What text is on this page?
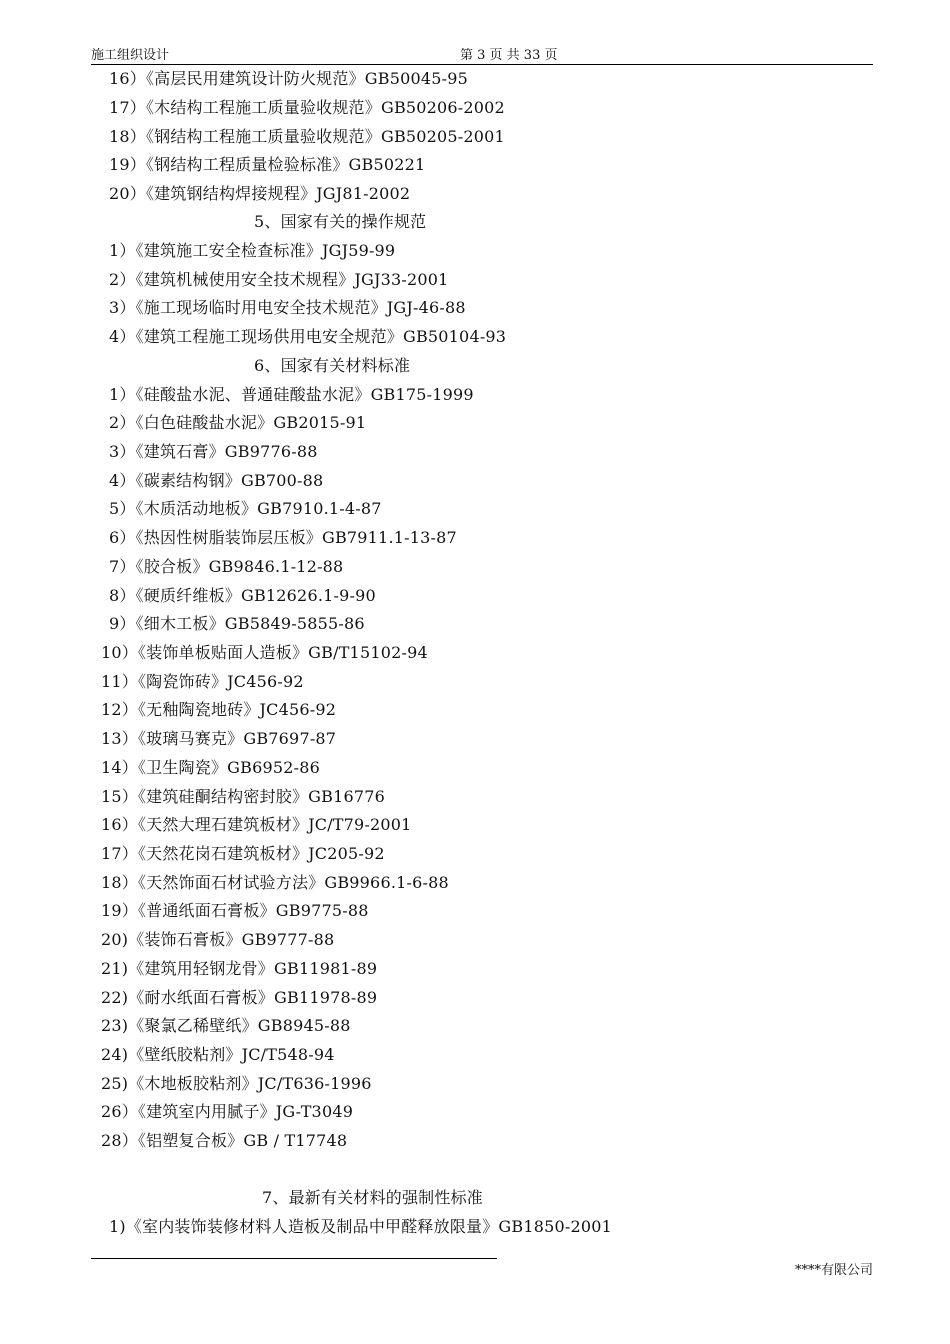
施工组织设计	第 3 页 共 33 页
16）《高层民用建筑设计防火规范》GB50045-95
17）《木结构工程施工质量验收规范》GB50206-2002
18）《钢结构工程施工质量验收规范》GB50205-2001
19）《钢结构工程质量检验标准》GB50221
20）《建筑钢结构焊接规程》JGJ81-2002
5、国家有关的操作规范
1）《建筑施工安全检查标准》JGJ59-99
2）《建筑机械使用安全技术规程》JGJ33-2001
3）《施工现场临时用电安全技术规范》JGJ-46-88
4）《建筑工程施工现场供用电安全规范》GB50104-93
6、国家有关材料标准
1）《硅酸盐水泥、普通硅酸盐水泥》GB175-1999
2）《白色硅酸盐水泥》GB2015-91
3）《建筑石膏》GB9776-88
4）《碳素结构钢》GB700-88
5）《木质活动地板》GB7910.1-4-87
6）《热因性树脂装饰层压板》GB7911.1-13-87
7）《胶合板》GB9846.1-12-88
8）《硬质纤维板》GB12626.1-9-90
9）《细木工板》GB5849-5855-86
10）《装饰单板贴面人造板》GB/T15102-94
11）《陶瓷饰砖》JC456-92
12）《无釉陶瓷地砖》JC456-92
13）《玻璃马赛克》GB7697-87
14）《卫生陶瓷》GB6952-86
15）《建筑硅酮结构密封胶》GB16776
16）《天然大理石建筑板材》JC/T79-2001
17）《天然花岗石建筑板材》JC205-92
18）《天然饰面石材试验方法》GB9966.1-6-88
19）《普通纸面石膏板》GB9775-88
20)《装饰石膏板》GB9777-88
21)《建筑用轻钢龙骨》GB11981-89
22)《耐水纸面石膏板》GB11978-89
23)《聚氯乙稀壁纸》GB8945-88
24)《壁纸胶粘剂》JC/T548-94
25)《木地板胶粘剂》JC/T636-1996
26）《建筑室内用腻子》JG-T3049
28）《铝塑复合板》GB / T17748
7、最新有关材料的强制性标准
1)《室内装饰装修材料人造板及制品中甲醛释放限量》GB1850-2001
****有限公司
